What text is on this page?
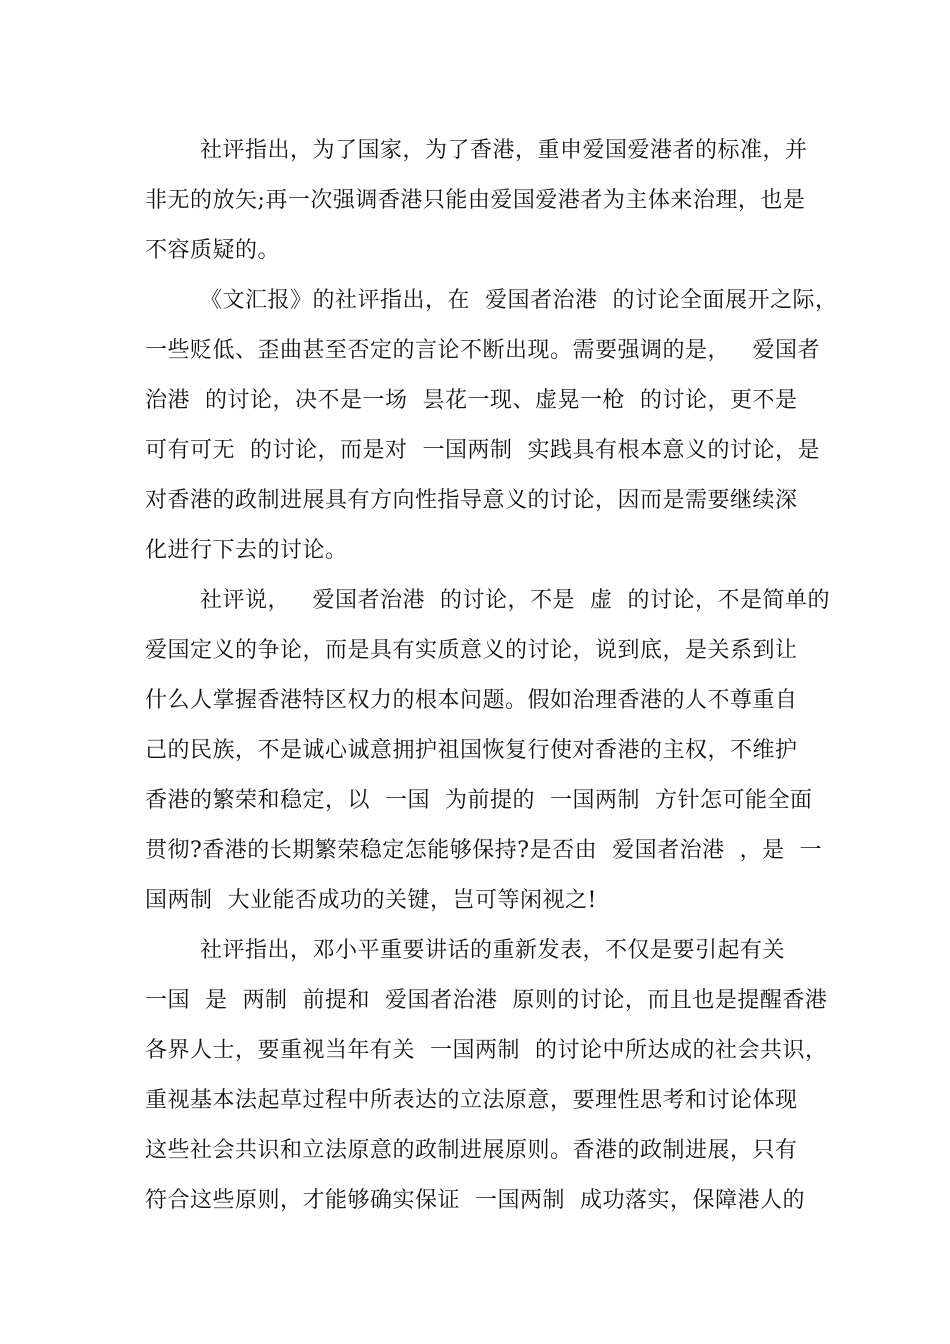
社评指出，为了国家，为了香港，重申爱国爱港者的标准，并

非无的放矢;再一次强调香港只能由爱国爱港者为主体来治理，也是

不容质疑的。

《文汇报》的社评指出，在  爱国者治港  的讨论全面展开之际，

一些贬低、歪曲甚至否定的言论不断出现。需要强调的是，   爱国者

治港  的讨论，决不是一场  昙花一现、虚晃一枪  的讨论，更不是

可有可无  的讨论，而是对  一国两制  实践具有根本意义的讨论，是

对香港的政制进展具有方向性指导意义的讨论，因而是需要继续深

化进行下去的讨论。

社评说，   爱国者治港  的讨论，不是  虚  的讨论，不是简单的

爱国定义的争论，而是具有实质意义的讨论，说到底，是关系到让

什么人掌握香港特区权力的根本问题。假如治理香港的人不尊重自

己的民族，不是诚心诚意拥护祖国恢复行使对香港的主权，不维护

香港的繁荣和稳定，以  一国  为前提的  一国两制  方针怎可能全面

贯彻?香港的长期繁荣稳定怎能够保持?是否由  爱国者治港  ，是  一

国两制  大业能否成功的关键，岂可等闲视之!

社评指出，邓小平重要讲话的重新发表，不仅是要引起有关

一国  是  两制  前提和  爱国者治港  原则的讨论，而且也是提醒香港

各界人士，要重视当年有关  一国两制  的讨论中所达成的社会共识，

重视基本法起草过程中所表达的立法原意，要理性思考和讨论体现

这些社会共识和立法原意的政制进展原则。香港的政制进展，只有

符合这些原则，才能够确实保证  一国两制  成功落实，保障港人的
